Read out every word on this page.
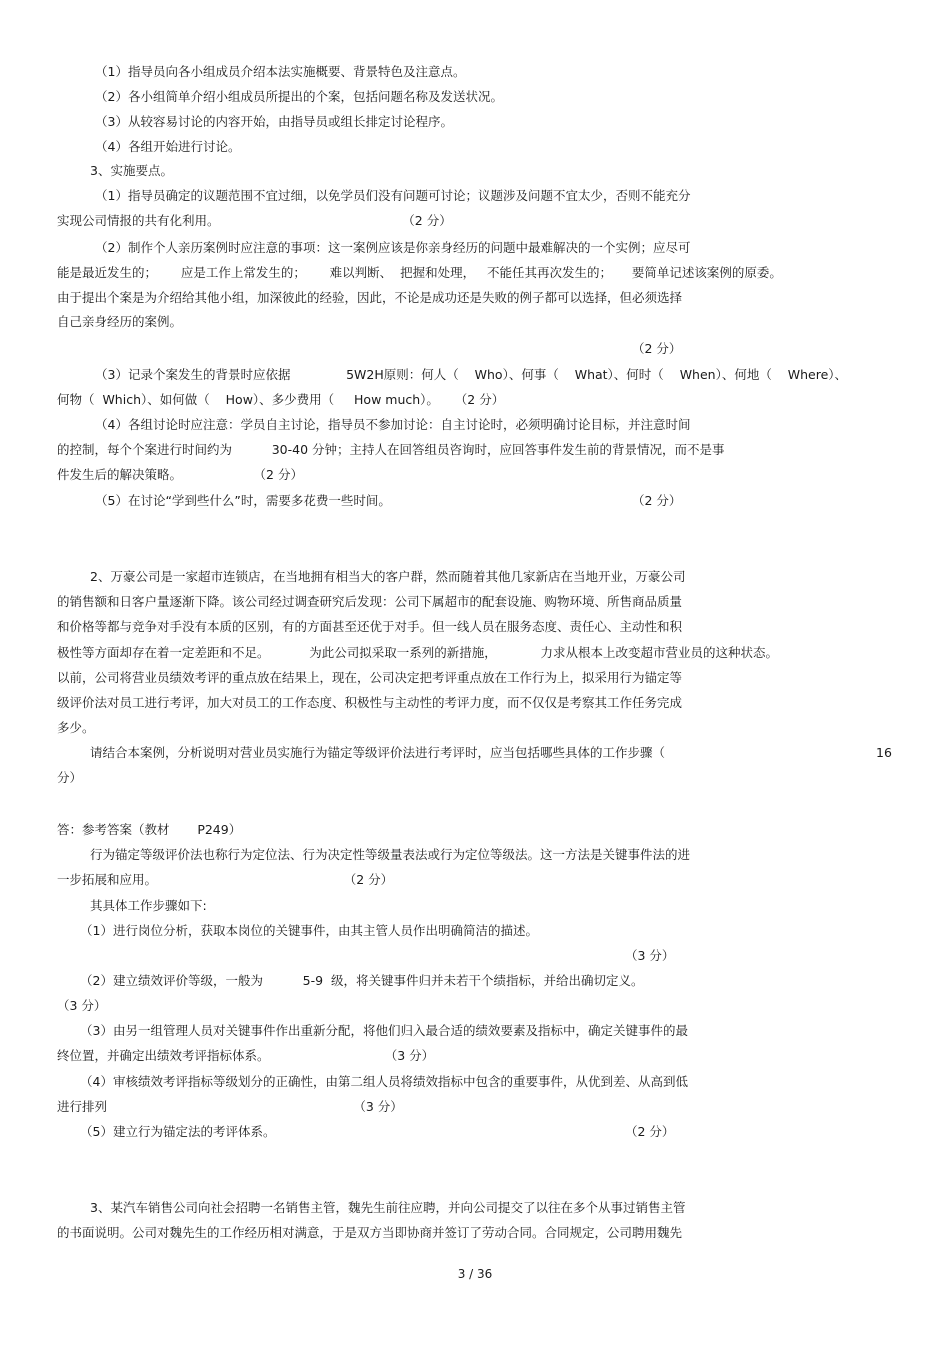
（1）指导员向各小组成员介绍本法实施概要、背景特色及注意点。
（2）各小组简单介绍小组成员所提出的个案，包括问题名称及发送状况。
（3）从较容易讨论的内容开始，由指导员或组长排定讨论程序。
（4）各组开始进行讨论。
3、实施要点。
（1）指导员确定的议题范围不宜过细，以免学员们没有问题可讨论；议题涉及问题不宜太少，否则不能充分
实现公司情报的共有化利用。                                              （2 分）
（2）制作个人亲历案例时应注意的事项：这一案例应该是你亲身经历的问题中最难解决的一个实例；应尽可
能是最近发生的；      应是工作上常发生的；      难以判断、  把握和处理，   不能任其再次发生的；     要简单记述该案例的原委。
由于提出个案是为介绍给其他小组，加深彼此的经验，因此，不论是成功还是失败的例子都可以选择，但必须选择
自己亲身经历的案例。
（2 分）
（3）记录个案发生的背景时应依据              5W2H原则：何人（    Who）、何事（    What）、何时（    When）、何地（    Where）、
何物（  Which）、如何做（    How）、多少费用（     How much）。    （2 分）
（4）各组讨论时应注意：学员自主讨论，指导员不参加讨论：自主讨论时，必须明确讨论目标，并注意时间
的控制，每个个案进行时间约为          30-40 分钟；主持人在回答组员咨询时，应回答事件发生前的背景情况，而不是事
件发生后的解决策略。                  （2 分）
（5）在讨论“学到些什么”时，需要多花费一些时间。	（2 分）
2、万豪公司是一家超市连锁店，在当地拥有相当大的客户群，然而随着其他几家新店在当地开业，万豪公司
的销售额和日客户量逐渐下降。该公司经过调查研究后发现：公司下属超市的配套设施、购物环境、所售商品质量
和价格等都与竞争对手没有本质的区别，有的方面甚至还优于对手。但一线人员在服务态度、责任心、主动性和积
极性等方面却存在着一定差距和不足。          为此公司拟采取一系列的新措施，           力求从根本上改变超市营业员的这种状态。
以前，公司将营业员绩效考评的重点放在结果上，现在，公司决定把考评重点放在工作行为上，拟采用行为锚定等
级评价法对员工进行考评，加大对员工的工作态度、积极性与主动性的考评力度，而不仅仅是考察其工作任务完成
多少。
请结合本案例，分析说明对营业员实施行为锚定等级评价法进行考评时，应当包括哪些具体的工作步骤（	16
分）
答：参考答案（教材       P249）
行为锚定等级评价法也称行为定位法、行为决定性等级量表法或行为定位等级法。这一方法是关键事件法的进
一步拓展和应用。                                               （2 分）
其具体工作步骤如下:
（1）进行岗位分析，获取本岗位的关键事件，由其主管人员作出明确简洁的描述。
（3 分）
（2）建立绩效评价等级，一般为          5-9  级，将关键事件归并未若干个绩指标，并给出确切定义。
（3 分）
（3）由另一组管理人员对关键事件作出重新分配，将他们归入最合适的绩效要素及指标中，确定关键事件的最
终位置，并确定出绩效考评指标体系。                             （3 分）
（4）审核绩效考评指标等级划分的正确性，由第二组人员将绩效指标中包含的重要事件，从优到差、从高到低
进行排列                                                              （3 分）
（5）建立行为锚定法的考评体系。	（2 分）
3、某汽车销售公司向社会招聘一名销售主管，魏先生前往应聘，并向公司提交了以往在多个从事过销售主管
的书面说明。公司对魏先生的工作经历相对满意，于是双方当即协商并签订了劳动合同。合同规定，公司聘用魏先
3 / 36
